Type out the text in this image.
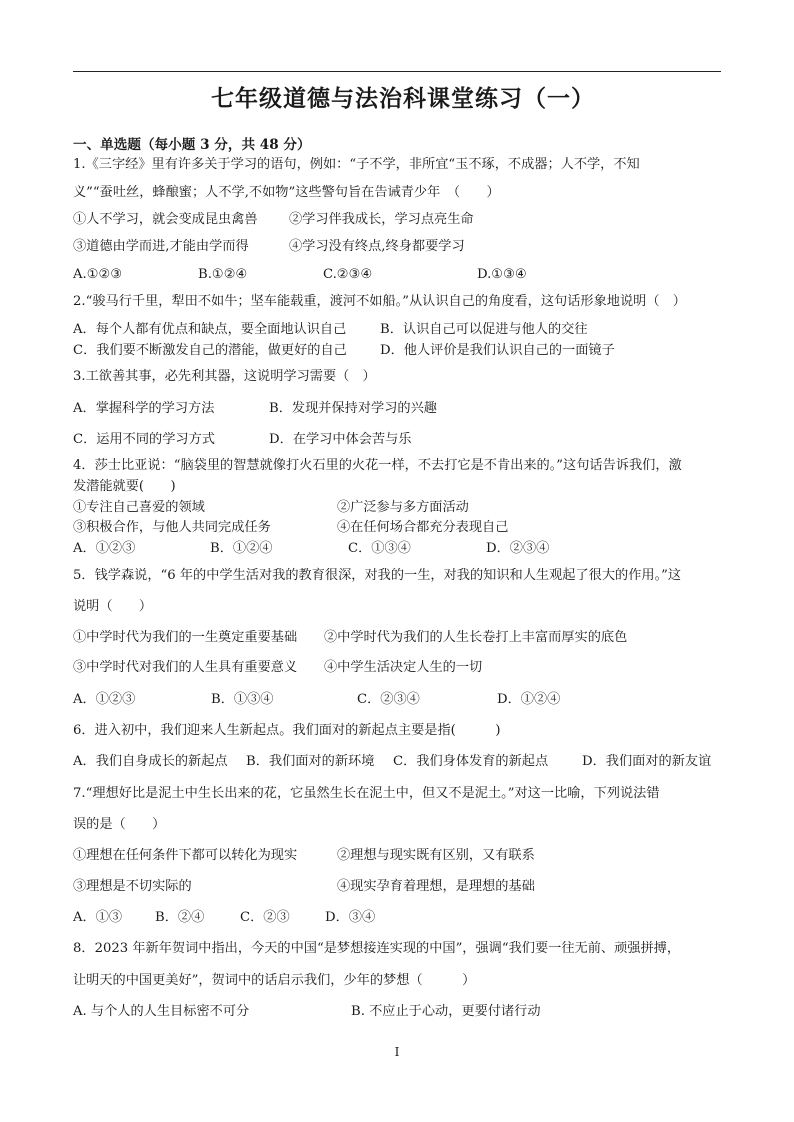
七年级道德与法治科课堂练习（一）
一、单选题（每小题 3 分，共 48 分）
1.《三字经》里有许多关于学习的语句，例如：“子不学，非所宜“玉不琢，不成器；人不学，不知
义”“蚕吐丝，蜂酿蜜；人不学,不如物”这些警句旨在告诫青少年　（　　）
①人不学习，就会变成昆虫禽兽 ②学习伴我成长，学习点亮生命
③道德由学而进,才能由学而得	④学习没有终点,终身都要学习
A.①②③	B.①②④	C.②③④	D.①③④
2.“骏马行千里，犁田不如牛；坚车能载重，渡河不如船。”从认识自己的角度看，这句话形象地说明（　）
A．每个人都有优点和缺点，要全面地认识自己	B．认识自己可以促进与他人的交往
C．我们要不断激发自己的潜能，做更好的自己	D．他人评价是我们认识自己的一面镜子
3.工欲善其事，必先利其器，这说明学习需要（　）
A．掌握科学的学习方法	B．发现并保持对学习的兴趣
C．运用不同的学习方式	D．在学习中体会苦与乐
4．莎士比亚说：“脑袋里的智慧就像打火石里的火花一样，不去打它是不肯出来的。”这句话告诉我们，激
发潜能就要(　　)
①专注自己喜爱的领域	②广泛参与多方面活动
③积极合作，与他人共同完成任务	④在任何场合都充分表现自己
A．①②③	B．①②④	C．①③④	D．②③④
5．钱学森说，“6 年的中学生活对我的教育很深，对我的一生，对我的知识和人生观起了很大的作用。”这
说明（　　）
①中学时代为我们的一生奠定重要基础 ②中学时代为我们的人生长卷打上丰富而厚实的底色
③中学时代对我们的人生具有重要意义 ④中学生活决定人生的一切
A．①②③	B．①③④	C．②③④	D．①②④
6．进入初中，我们迎来人生新起点。我们面对的新起点主要是指(　　　)
A．我们自身成长的新起点 B．我们面对的新环境 C．我们身体发育的新起点	D．我们面对的新友谊
7.“理想好比是泥土中生长出来的花，它虽然生长在泥土中，但又不是泥土。”对这一比喻，下列说法错
误的是（　　）
①理想在任何条件下都可以转化为现实	②理想与现实既有区别，又有联系
③理想是不切实际的	④现实孕育着理想，是理想的基础
A．①③ B．②④	C．②③	D．③④
8．2023 年新年贺词中指出，今天的中国“是梦想接连实现的中国”，强调“我们要一往无前、顽强拼搏，
让明天的中国更美好”，贺词中的话启示我们，少年的梦想（　　　）
A. 与个人的人生目标密不可分	B. 不应止于心动，更要付诸行动
I
